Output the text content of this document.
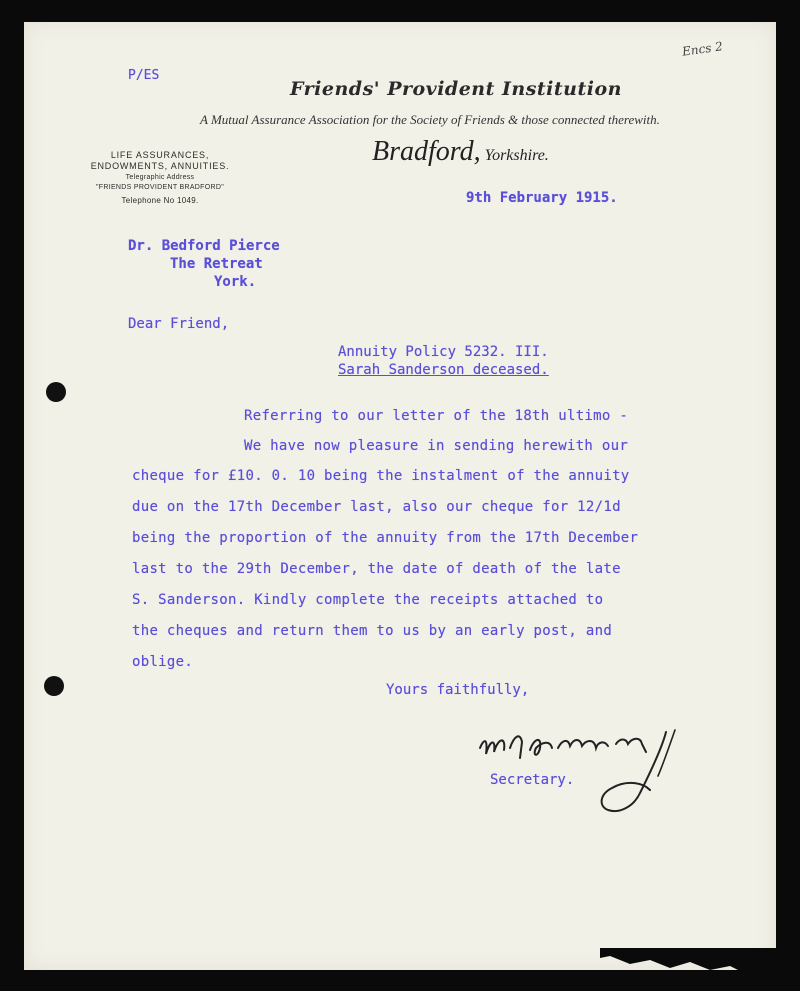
Encs 2
P/ES
Friends' Provident Institution
A Mutual Assurance Association for the Society of Friends & those connected therewith.
Bradford, Yorkshire.
LIFE ASSURANCES,
ENDOWMENTS, ANNUITIES.
Telegraphic Address
"FRIENDS PROVIDENT BRADFORD"
Telephone No 1049.	9th February 1915.
Dr. Bedford Pierce
The Retreat
York.
Dear Friend,
Annuity Policy 5232. III.
Sarah Sanderson deceased.
Referring to our letter of the 18th ultimo -
We have now pleasure in sending herewith our
cheque for £10. 0. 10 being the instalment of the annuity
due on the 17th December last, also our cheque for 12/1d
being the proportion of the annuity from the 17th December
last to the 29th December, the date of death of the late
S. Sanderson. Kindly complete the receipts attached to
the cheques and return them to us by an early post, and
oblige.
Yours faithfully,
Secretary.
